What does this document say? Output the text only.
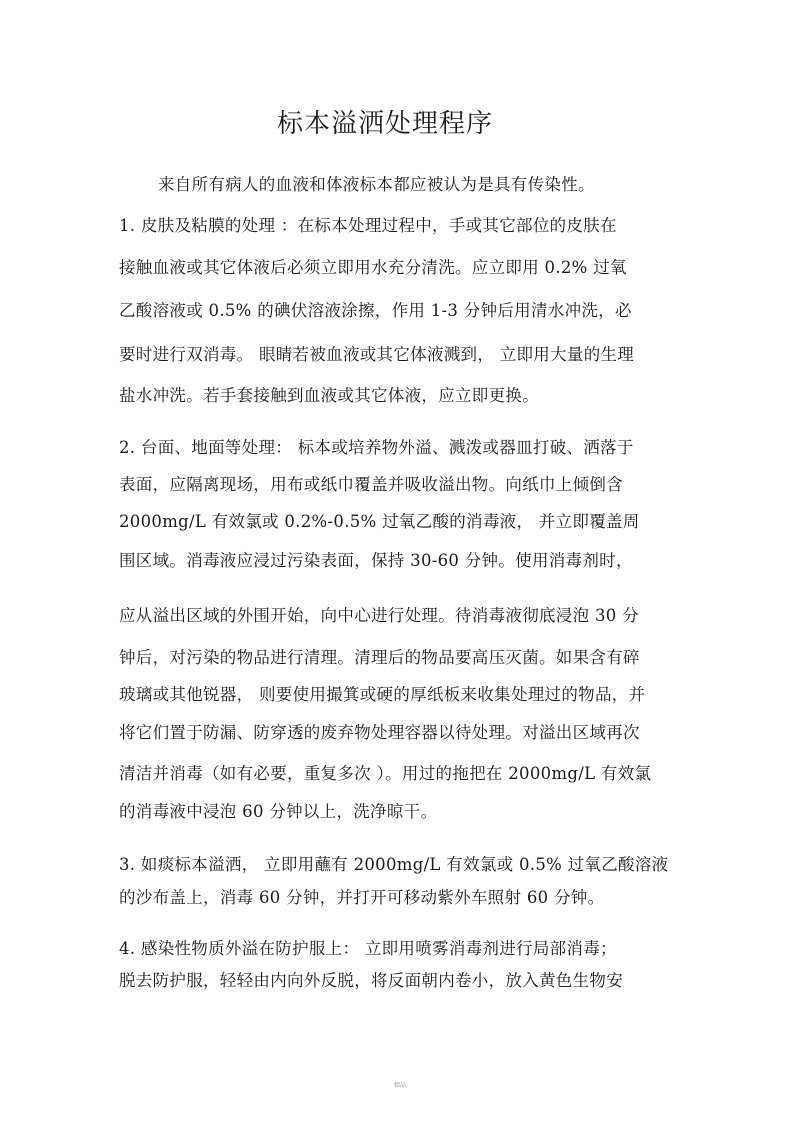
标本溢洒处理程序
来自所有病人的血液和体液标本都应被认为是具有传染性。
1. 皮肤及粘膜的处理 ：在标本处理过程中，手或其它部位的皮肤在
接触血液或其它体液后必须立即用水充分清洗。应立即用 0.2% 过氧
乙酸溶液或 0.5% 的碘伏溶液涂擦，作用 1-3 分钟后用清水冲洗，必
要时进行双消毒。 眼睛若被血液或其它体液溅到， 立即用大量的生理
盐水冲洗。若手套接触到血液或其它体液，应立即更换。
2. 台面、地面等处理： 标本或培养物外溢、溅泼或器皿打破、洒落于
表面，应隔离现场，用布或纸巾覆盖并吸收溢出物。向纸巾上倾倒含
2000mg/L 有效氯或 0.2%-0.5% 过氧乙酸的消毒液， 并立即覆盖周
围区域。消毒液应浸过污染表面，保持 30-60 分钟。使用消毒剂时，
应从溢出区域的外围开始，向中心进行处理。待消毒液彻底浸泡 30 分
钟后，对污染的物品进行清理。清理后的物品要高压灭菌。如果含有碎
玻璃或其他锐器， 则要使用撮箕或硬的厚纸板来收集处理过的物品，并
将它们置于防漏、防穿透的废弃物处理容器以待处理。对溢出区域再次
清洁并消毒（如有必要，重复多次 ）。用过的拖把在 2000mg/L 有效氯
的消毒液中浸泡 60 分钟以上，洗净晾干。
3. 如痰标本溢洒， 立即用蘸有 2000mg/L 有效氯或 0.5% 过氧乙酸溶液
的沙布盖上，消毒 60 分钟，并打开可移动紫外车照射 60 分钟。
4. 感染性物质外溢在防护服上： 立即用喷雾消毒剂进行局部消毒；
脱去防护服，轻轻由内向外反脱，将反面朝内卷小，放入黄色生物安
精品
